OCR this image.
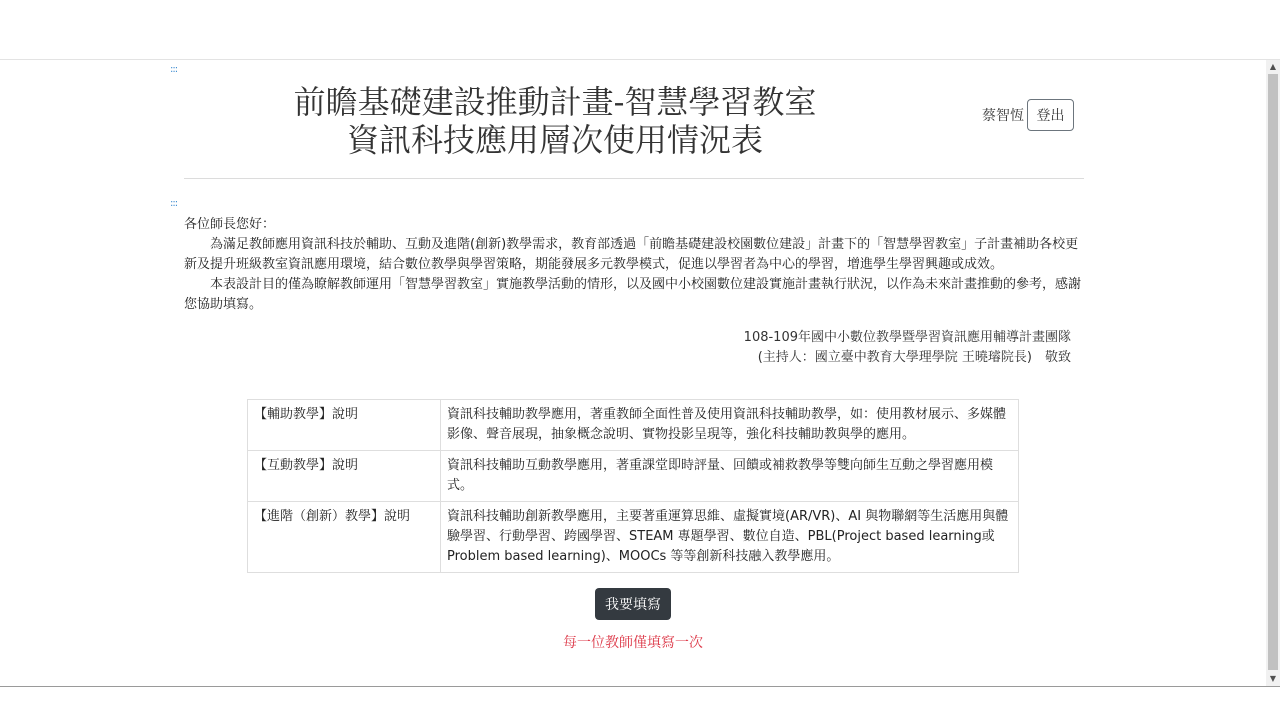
:::
前瞻基礎建設推動計畫-智慧學習教室
資訊科技應用層次使用情況表
蔡智恆 登出
:::

各位師長您好：

為滿足教師應用資訊科技於輔助、互動及進階(創新)教學需求，教育部透過「前瞻基礎建設校園數位建設」計畫下的「智慧學習教室」子計畫補助各校更新及提升班級教室資訊應用環境，結合數位教學與學習策略，期能發展多元教學模式，促進以學習者為中心的學習，增進學生學習興趣或成效。

本表設計目的僅為瞭解教師運用「智慧學習教室」實施教學活動的情形，以及國中小校園數位建設實施計畫執行狀況，以作為未來計畫推動的參考，感謝您協助填寫。

108-109年國中小數位教學暨學習資訊應用輔導計畫團隊
(主持人：國立臺中教育大學理學院 王曉璿院長)　敬致
【輔助教學】說明	資訊科技輔助教學應用，著重教師全面性普及使用資訊科技輔助教學，如：使用教材展示、多媒體影像、聲音展現，抽象概念說明、實物投影呈現等，強化科技輔助教與學的應用。
【互動教學】說明	資訊科技輔助互動教學應用，著重課堂即時評量、回饋或補救教學等雙向師生互動之學習應用模式。
【進階（創新）教學】說明	資訊科技輔助創新教學應用，主要著重運算思維、虛擬實境(AR/VR)、AI 與物聯網等生活應用與體驗學習、行動學習、跨國學習、STEAM 專題學習、數位自造、PBL(Project based learning或Problem based learning)、MOOCs 等等創新科技融入教學應用。
我要填寫
每一位教師僅填寫一次
▲
▼
